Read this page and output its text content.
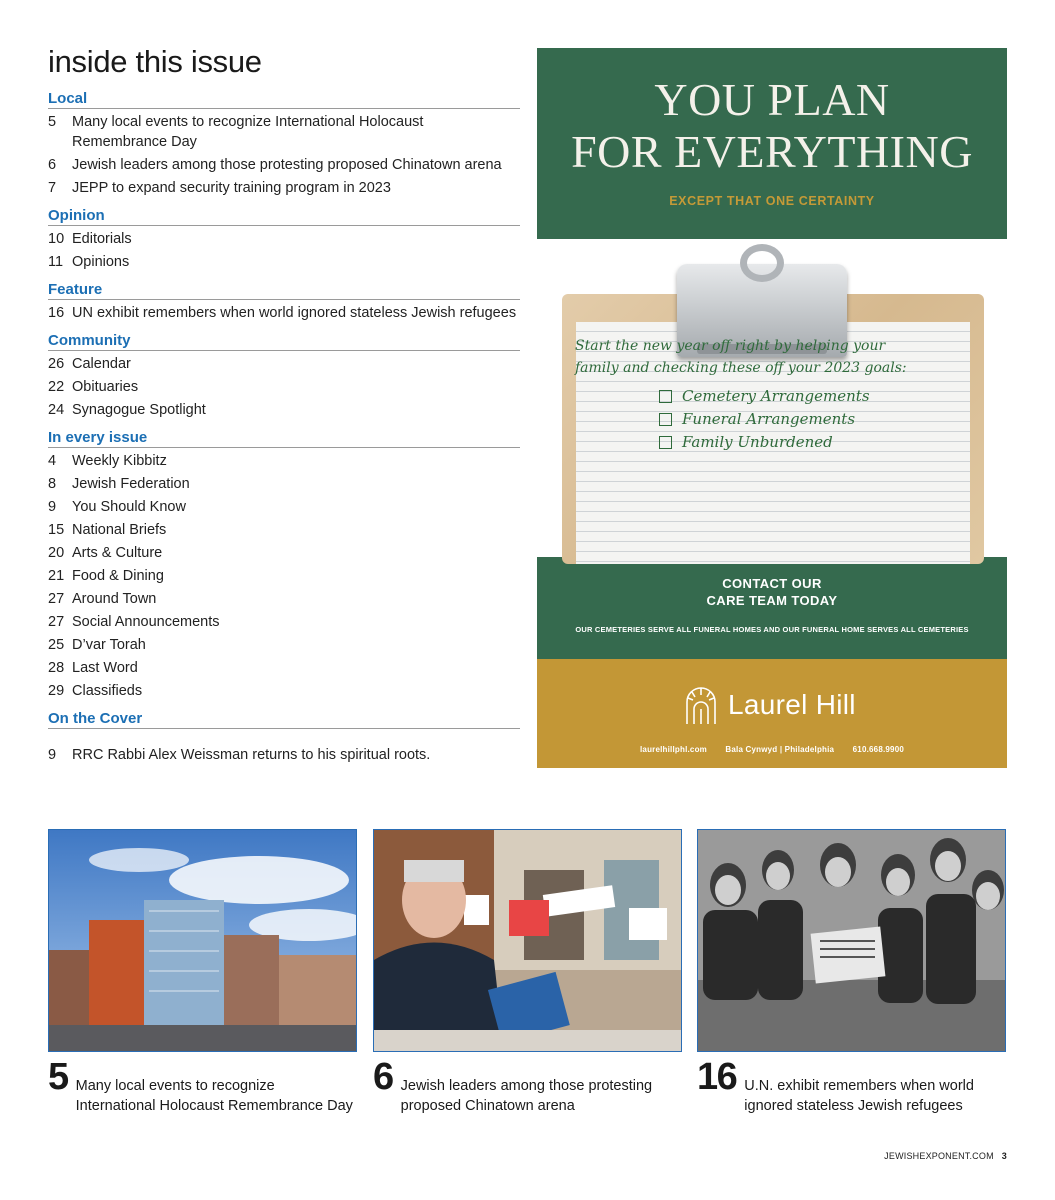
inside this issue
Local
5	Many local events to recognize International Holocaust Remembrance Day
6	Jewish leaders among those protesting proposed Chinatown arena
7	JEPP to expand security training program in 2023
Opinion
10 Editorials
11 Opinions
Feature
16 UN exhibit remembers when world ignored stateless Jewish refugees
Community
26 Calendar
22 Obituaries
24 Synagogue Spotlight
In every issue
4	Weekly Kibbitz
8	Jewish Federation
9	You Should Know
15 National Briefs
20 Arts & Culture
21 Food & Dining
27 Around Town
27 Social Announcements
25 D’var Torah
28 Last Word
29 Classifieds
On the Cover
9	RRC Rabbi Alex Weissman returns to his spiritual roots.
YOU PLAN
FOR EVERYTHING
EXCEPT THAT ONE CERTAINTY
Start the new year off right by helping your
family and checking these off your 2023 goals:
Cemetery Arrangements
Funeral Arrangements
Family Unburdened
CONTACT OUR
CARE TEAM TODAY
OUR CEMETERIES SERVE ALL FUNERAL HOMES AND OUR FUNERAL HOME SERVES ALL CEMETERIES
Laurel Hill
laurelhillphl.com Bala Cynwyd | Philadelphia 610.668.9900
5 Many local events to recognize International Holocaust Remembrance Day
6 Jewish leaders among those protesting proposed Chinatown arena
16 U.N. exhibit remembers when world ignored stateless Jewish refugees
JEWISHEXPONENT.COM 3
